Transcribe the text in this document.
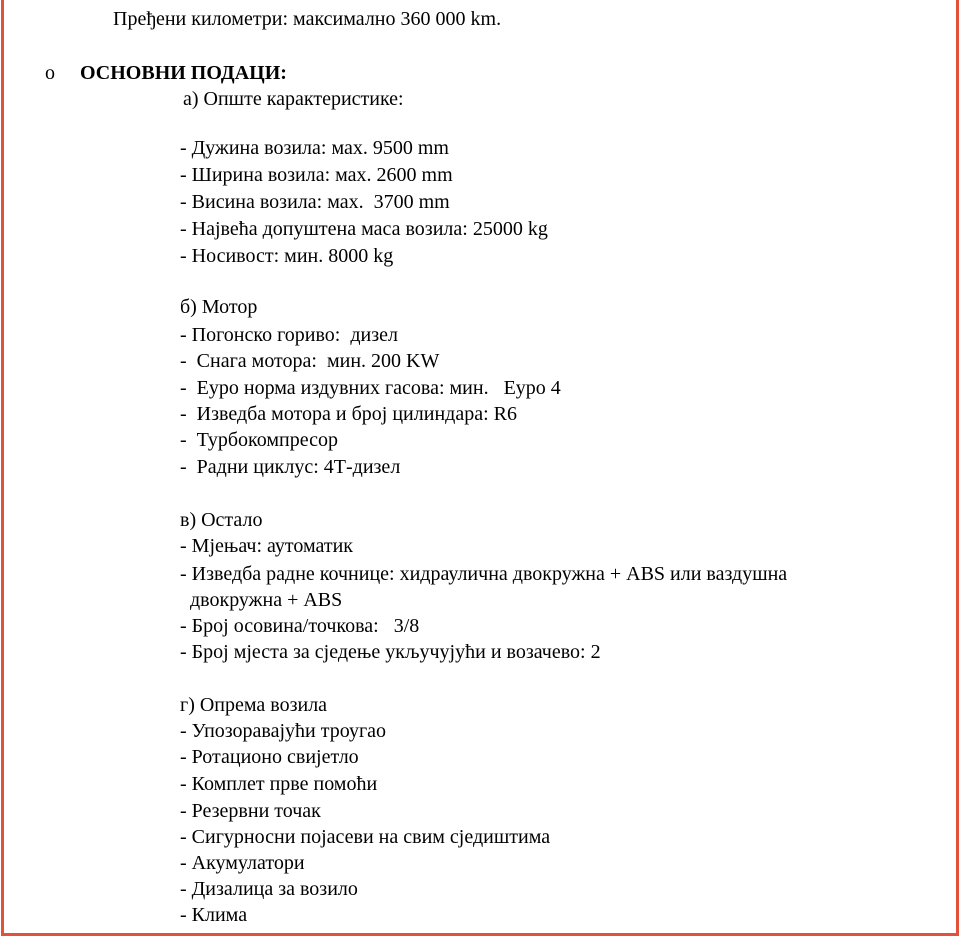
Пређени километри: максимално 360 000 km.
o ОСНОВНИ ПОДАЦИ:
а) Опште карактеристике:
- Дужина возила: мах. 9500 mm
- Ширина возила: мах. 2600 mm
- Висина возила: мах.  3700 mm
- Највећа допуштена маса возила: 25000 kg
- Носивост: мин. 8000 kg
б) Мотор
- Погонско гориво:  дизел
-  Снага мотора:  мин. 200 KW
-  Еуро норма издувних гасова: мин.   Еуро 4
-  Изведба мотора и број цилиндара: R6
-  Турбокомпресор
-  Радни циклус: 4Т-дизел
в) Остало
- Мјењач: аутоматик
- Изведба радне кочнице: хидраулична двокружна + ABS или ваздушна
двокружна + ABS
- Број осовина/точкова:   3/8
- Број мјеста за сједење укључујући и возачево: 2
г) Опрема возила
- Упозоравајући троугао
- Ротационо свијетло
- Комплет прве помоћи
- Резервни точак
- Сигурносни појасеви на свим сједиштима
- Акумулатори
- Дизалица за возило
- Клима
